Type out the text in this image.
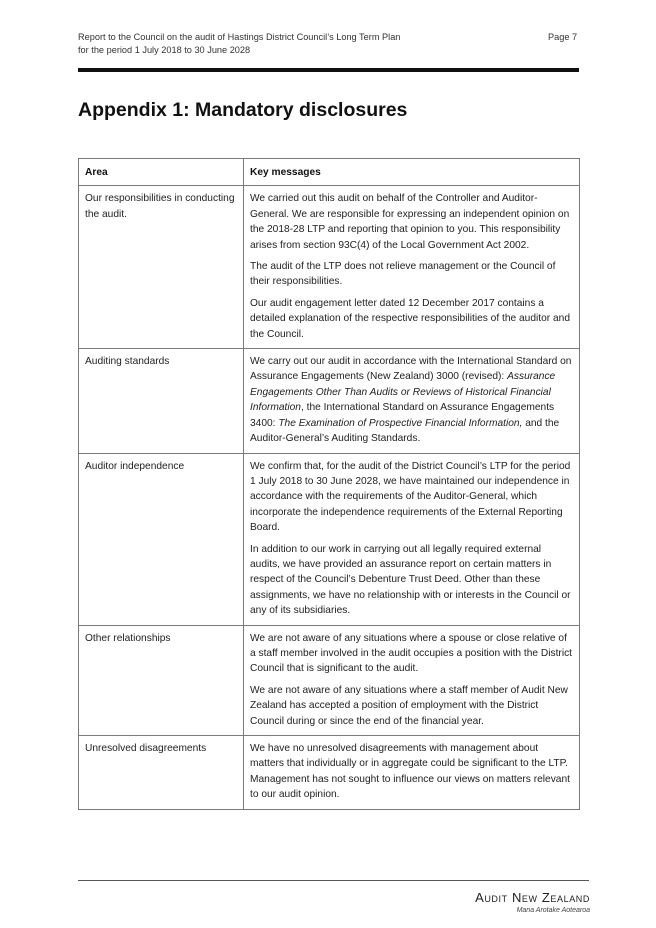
Report to the Council on the audit of Hastings District Council’s Long Term Plan
for the period 1 July 2018 to 30 June 2028
Page 7
Appendix 1: Mandatory disclosures
Area	Key messages
Our responsibilities in conducting the audit.	We carried out this audit on behalf of the Controller and Auditor-General. We are responsible for expressing an independent opinion on the 2018-28 LTP and reporting that opinion to you. This responsibility arises from section 93C(4) of the Local Government Act 2002.

The audit of the LTP does not relieve management or the Council of their responsibilities.

Our audit engagement letter dated 12 December 2017 contains a detailed explanation of the respective responsibilities of the auditor and the Council.

Auditing standards	We carry out our audit in accordance with the International Standard on Assurance Engagements (New Zealand) 3000 (revised): Assurance Engagements Other Than Audits or Reviews of Historical Financial Information, the International Standard on Assurance Engagements 3400: The Examination of Prospective Financial Information, and the Auditor-General’s Auditing Standards.

Auditor independence	We confirm that, for the audit of the District Council’s LTP for the period 1 July 2018 to 30 June 2028, we have maintained our independence in accordance with the requirements of the Auditor-General, which incorporate the independence requirements of the External Reporting Board.

In addition to our work in carrying out all legally required external audits, we have provided an assurance report on certain matters in respect of the Council’s Debenture Trust Deed. Other than these assignments, we have no relationship with or interests in the Council or any of its subsidiaries.

Other relationships	We are not aware of any situations where a spouse or close relative of a staff member involved in the audit occupies a position with the District Council that is significant to the audit.

We are not aware of any situations where a staff member of Audit New Zealand has accepted a position of employment with the District Council during or since the end of the financial year.

Unresolved disagreements	We have no unresolved disagreements with management about matters that individually or in aggregate could be significant to the LTP. Management has not sought to influence our views on matters relevant to our audit opinion.

Audit New Zealand
Mana Arotake Aotearoa
